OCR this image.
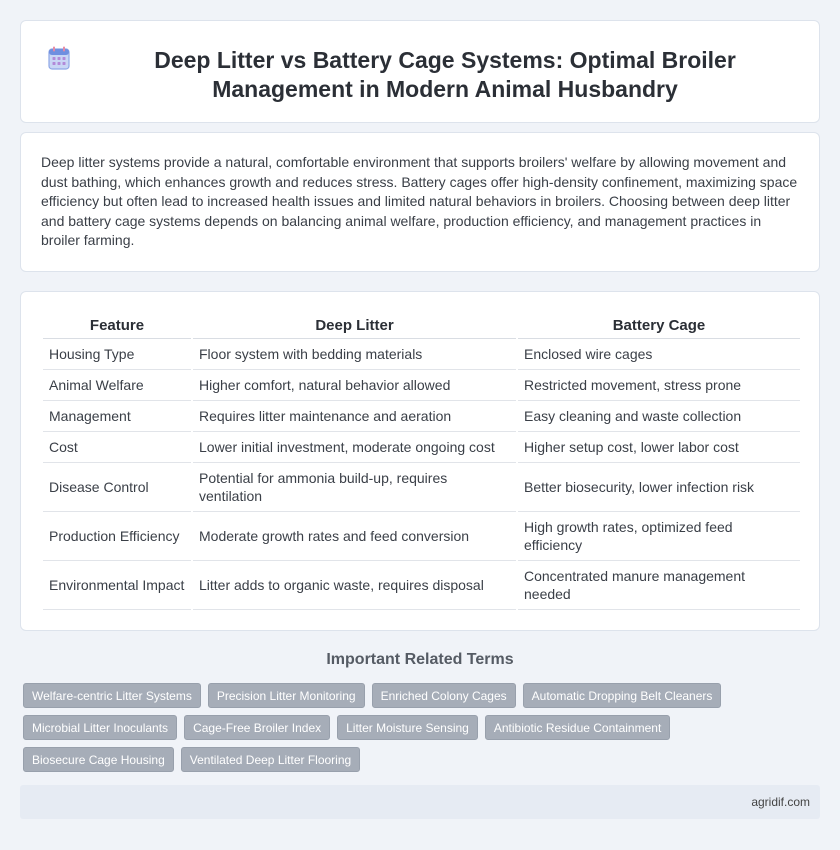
Deep Litter vs Battery Cage Systems: Optimal Broiler Management in Modern Animal Husbandry

Deep litter systems provide a natural, comfortable environment that supports broilers' welfare by allowing movement and dust bathing, which enhances growth and reduces stress. Battery cages offer high-density confinement, maximizing space efficiency but often lead to increased health issues and limited natural behaviors in broilers. Choosing between deep litter and battery cage systems depends on balancing animal welfare, production efficiency, and management practices in broiler farming.

Feature	Deep Litter	Battery Cage
Housing Type	Floor system with bedding materials	Enclosed wire cages
Animal Welfare	Higher comfort, natural behavior allowed	Restricted movement, stress prone
Management	Requires litter maintenance and aeration	Easy cleaning and waste collection
Cost	Lower initial investment, moderate ongoing cost	Higher setup cost, lower labor cost
Disease Control	Potential for ammonia build-up, requires ventilation	Better biosecurity, lower infection risk
Production Efficiency	Moderate growth rates and feed conversion	High growth rates, optimized feed efficiency
Environmental Impact	Litter adds to organic waste, requires disposal	Concentrated manure management needed
Important Related Terms
Welfare-centric Litter Systems	Precision Litter Monitoring	Enriched Colony Cages	Automatic Dropping Belt Cleaners
Microbial Litter Inoculants	Cage-Free Broiler Index	Litter Moisture Sensing	Antibiotic Residue Containment
Biosecure Cage Housing	Ventilated Deep Litter Flooring
agridif.com
